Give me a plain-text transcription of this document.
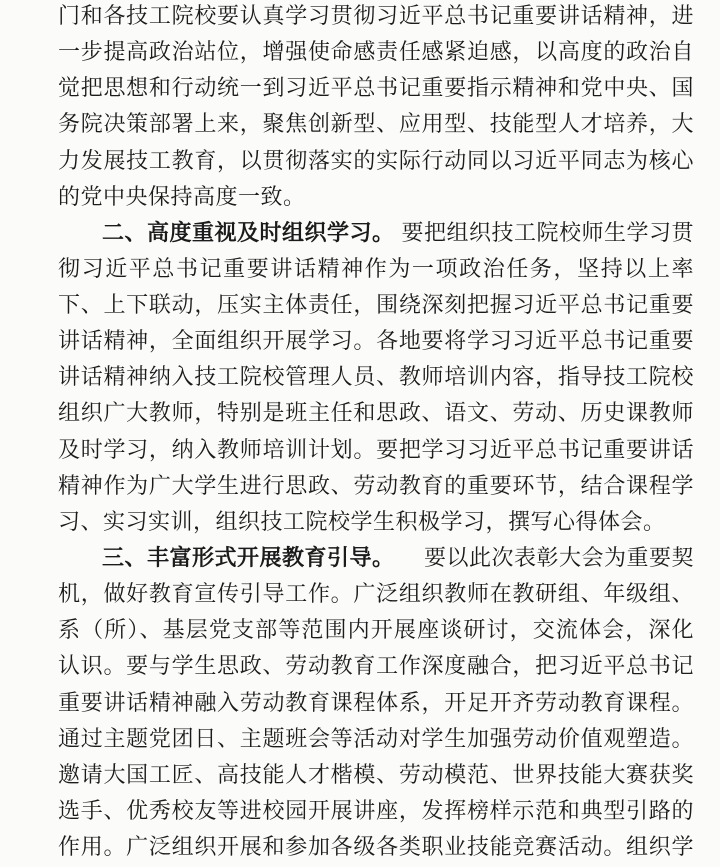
门和各技工院校要认真学习贯彻习近平总书记重要讲话精神，进
一步提高政治站位，增强使命感责任感紧迫感，以高度的政治自
觉把思想和行动统一到习近平总书记重要指示精神和党中央、国
务院决策部署上来，聚焦创新型、应用型、技能型人才培养，大
力发展技工教育，以贯彻落实的实际行动同以习近平同志为核心
的党中央保持高度一致。
二、高度重视及时组织学习。 要把组织技工院校师生学习贯
彻习近平总书记重要讲话精神作为一项政治任务，坚持以上率
下、上下联动，压实主体责任，围绕深刻把握习近平总书记重要
讲话精神，全面组织开展学习。各地要将学习习近平总书记重要
讲话精神纳入技工院校管理人员、教师培训内容，指导技工院校
组织广大教师，特别是班主任和思政、语文、劳动、历史课教师
及时学习，纳入教师培训计划。要把学习习近平总书记重要讲话
精神作为广大学生进行思政、劳动教育的重要环节，结合课程学
习、实习实训，组织技工院校学生积极学习，撰写心得体会。
三、丰富形式开展教育引导。 要以此次表彰大会为重要契
机，做好教育宣传引导工作。广泛组织教师在教研组、年级组、
系（所）、基层党支部等范围内开展座谈研讨，交流体会，深化
认识。要与学生思政、劳动教育工作深度融合，把习近平总书记
重要讲话精神融入劳动教育课程体系，开足开齐劳动教育课程。
通过主题党团日、主题班会等活动对学生加强劳动价值观塑造。
邀请大国工匠、高技能人才楷模、劳动模范、世界技能大赛获奖
选手、优秀校友等进校园开展讲座，发挥榜样示范和典型引路的
作用。广泛组织开展和参加各级各类职业技能竞赛活动。组织学
